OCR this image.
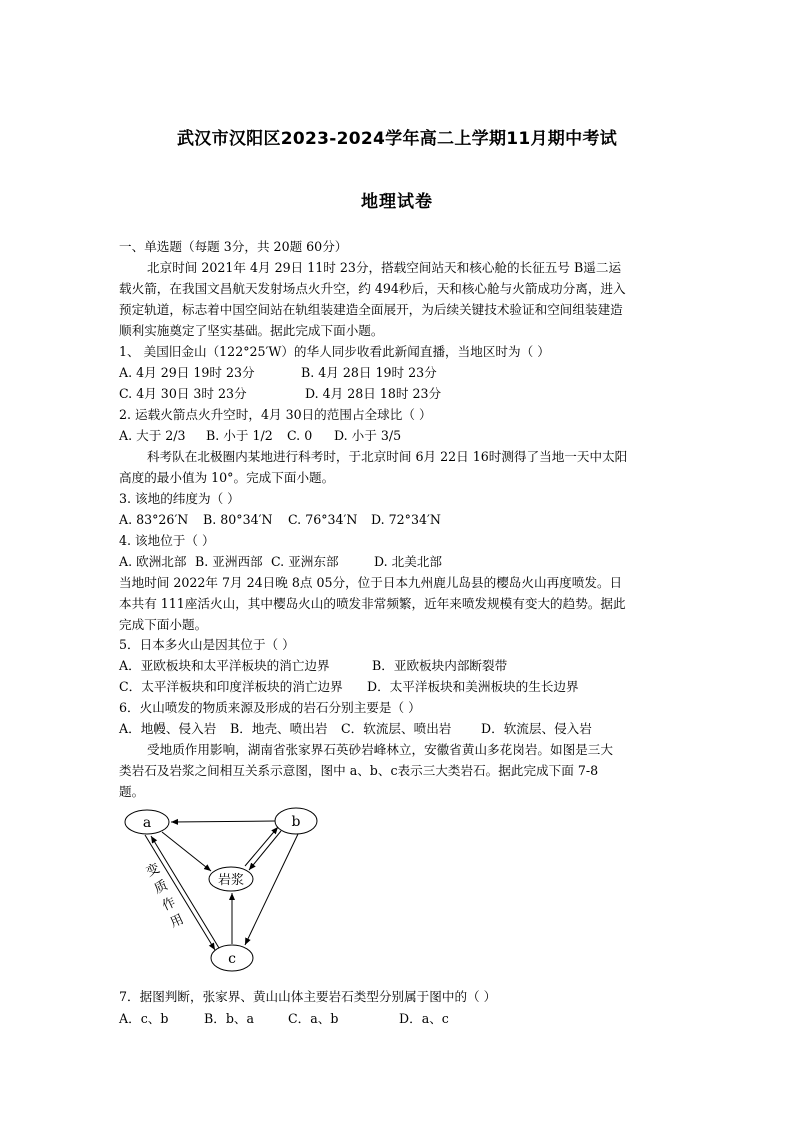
武汉市汉阳区2023-2024学年高二上学期11月期中考试
地理试卷
一、单选题（每题 3分，共 20题 60分）
北京时间 2021年 4月 29日 11时 23分，搭载空间站天和核心舱的长征五号 B遥二运
载火箭，在我国文昌航天发射场点火升空，约 494秒后，天和核心舱与火箭成功分离，进入
预定轨道，标志着中国空间站在轨组装建造全面展开，为后续关键技术验证和空间组装建造
顺利实施奠定了坚实基础。据此完成下面小题。
1、 美国旧金山（122°25′W）的华人同步收看此新闻直播，当地区时为（ ）
A. 4月 29日 19时 23分	B. 4月 28日 19时 23分
C. 4月 30日 3时 23分	D. 4月 28日 18时 23分
2. 运载火箭点火升空时，4月 30日的范围占全球比（ ）
A. 大于 2/3 B. 小于 1/2 C. 0 D. 小于 3/5
科考队在北极圈内某地进行科考时，于北京时间 6月 22日 16时测得了当地一天中太阳
高度的最小值为 10°。完成下面小题。
3. 该地的纬度为（ ）
A. 83°26′N B. 80°34′N C. 76°34′N D. 72°34′N
4. 该地位于（ ）
A. 欧洲北部 B. 亚洲西部 C. 亚洲东部	D. 北美北部
当地时间 2022年 7月 24日晚 8点 05分，位于日本九州鹿儿岛县的樱岛火山再度喷发。日
本共有 111座活火山，其中樱岛火山的喷发非常频繁，近年来喷发规模有变大的趋势。据此
完成下面小题。
5．日本多火山是因其位于（ ）
A．亚欧板块和太平洋板块的消亡边界	B．亚欧板块内部断裂带
C．太平洋板块和印度洋板块的消亡边界 D．太平洋板块和美洲板块的生长边界
6．火山喷发的物质来源及形成的岩石分别主要是（ ）
A．地幔、侵入岩 B．地壳、喷出岩 C．软流层、喷出岩 D．软流层、侵入岩
受地质作用影响，湖南省张家界石英砂岩峰林立，安徽省黄山多花岗岩。如图是三大
类岩石及岩浆之间相互关系示意图，图中 a、b、c表示三大类岩石。据此完成下面 7-8
题。
a	b
c
岩浆
变
质
作
用
7．据图判断，张家界、黄山山体主要岩石类型分别属于图中的（ ）
A．c、b	B．b、a	C．a、b	D．a、c
